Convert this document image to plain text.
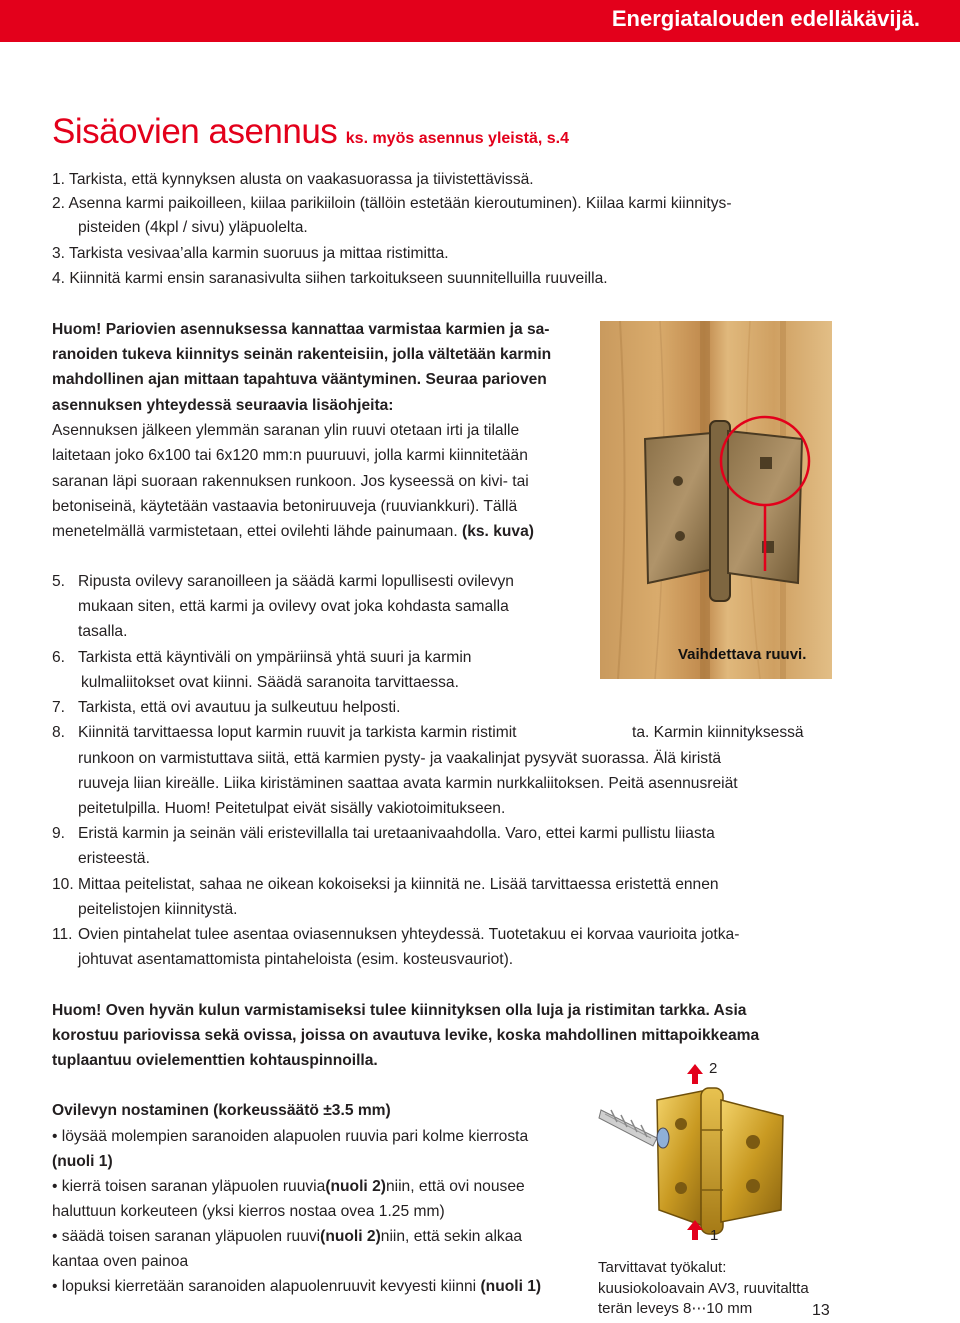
Energiatalouden edelläkävijä.
Sisäovien asennus ks. myös asennus yleistä, s.4
1. Tarkista, että kynnyksen alusta on vaakasuorassa ja tiivistettävissä.
2. Asenna karmi paikoilleen, kiilaa parikiiloin (tällöin estetään kieroutuminen). Kiilaa karmi kiinnitys-
pisteiden (4kpl / sivu) yläpuolelta.
3. Tarkista vesivaa’alla karmin suoruus ja mittaa ristimitta.
4. Kiinnitä karmi ensin saranasivulta siihen tarkoitukseen suunnitelluilla ruuveilla.
Huom! Pariovien asennuksessa kannattaa varmistaa karmien ja sa-
ranoiden tukeva kiinnitys seinän rakenteisiin, jolla vältetään karmin
mahdollinen ajan mittaan tapahtuva vääntyminen. Seuraa parioven
asennuksen yhteydessä seuraavia lisäohjeita:
Asennuksen jälkeen ylemmän saranan ylin ruuvi otetaan irti ja tilalle
laitetaan joko 6x100 tai 6x120 mm:n puuruuvi, jolla karmi kiinnitetään
saranan läpi suoraan rakennuksen runkoon. Jos kyseessä on kivi- tai
betoniseinä, käytetään vastaavia betoniruuveja (ruuviankkuri). Tällä
menetelmällä varmistetaan, ettei ovilehti lähde painumaan. (ks. kuva)
Vaihdettava ruuvi.
5. Ripusta ovilevy saranoilleen ja säädä karmi lopullisesti ovilevyn
mukaan siten, että karmi ja ovilevy ovat joka kohdasta samalla
tasalla.
6. Tarkista että käyntiväli on ympäriinsä yhtä suuri ja karmin
kulmaliitokset ovat kiinni. Säädä saranoita tarvittaessa.
7. Tarkista, että ovi avautuu ja sulkeutuu helposti.
8. Kiinnitä tarvittaessa loput karmin ruuvit ja tarkista karmin ristimit	ta. Karmin kiinnityksessä
runkoon on varmistuttava siitä, että karmien pysty- ja vaakalinjat pysyvät suorassa. Älä kiristä
ruuveja liian kireälle. Liika kiristäminen saattaa avata karmin nurkkaliitoksen. Peitä asennusreiät
peitetulpilla. Huom! Peitetulpat eivät sisälly vakiotoimitukseen.
9. Eristä karmin ja seinän väli eristevillalla tai uretaanivaahdolla. Varo, ettei karmi pullistu liiasta
eristeestä.
10. Mittaa peitelistat, sahaa ne oikean kokoiseksi ja kiinnitä ne. Lisää tarvittaessa eristettä ennen
peitelistojen kiinnitystä.
11. Ovien pintahelat tulee asentaa oviasennuksen yhteydessä. Tuotetakuu ei korvaa vaurioita jotka-
johtuvat asentamattomista pintaheloista (esim. kosteusvauriot).
Huom! Oven hyvän kulun varmistamiseksi tulee kiinnityksen olla luja ja ristimitan tarkka. Asia
korostuu pariovissa sekä ovissa, joissa on avautuva levike, koska mahdollinen mittapoikkeama
tuplaantuu ovielementtien kohtauspinnoilla.
Ovilevyn nostaminen (korkeussäätö ±3.5 mm)
• löysää molempien saranoiden alapuolen ruuvia pari kolme kierrosta
(nuoli 1)
• kierrä toisen saranan yläpuolen ruuvia(nuoli 2)niin, että ovi nousee
haluttuun korkeuteen (yksi kierros nostaa ovea 1.25 mm)
• säädä toisen saranan yläpuolen ruuvi(nuoli 2)niin, että sekin alkaa
kantaa oven painoa
• lopuksi kierretään saranoiden alapuolenruuvit kevyesti kiinni (nuoli 1)
2
1
Tarvittavat työkalut:
kuusiokoloavain AV3, ruuvitaltta
terän leveys 8⋯10 mm	13
